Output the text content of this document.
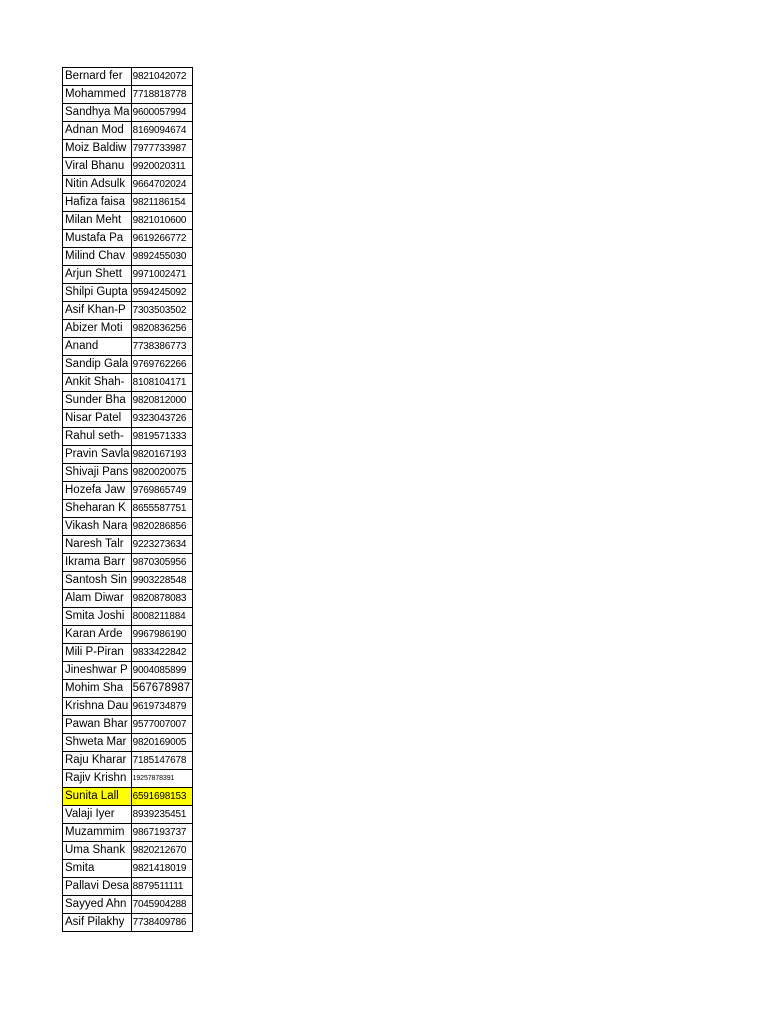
Bernard fer	9821042072
Mohammed	7718818778
Sandhya Ma	9600057994
Adnan Mod	8169094674
Moiz Baldiw	7977733987
Viral Bhanu	9920020311
Nitin Adsulk	9664702024
Hafiza faisa	9821186154
Milan Meht	9821010600
Mustafa Pa	9619266772
Milind Chav	9892455030
Arjun Shett	9971002471
Shilpi Gupta	9594245092
Asif Khan-P	7303503502
Abizer Moti	9820836256
Anand	7738386773
Sandip Gala	9769762266
Ankit Shah-	8108104171
Sunder Bha	9820812000
Nisar Patel	9323043726
Rahul seth-	9819571333
Pravin Savla	9820167193
Shivaji Pans	9820020075
Hozefa Jaw	9769865749
Sheharan K	8655587751
Vikash Nara	9820286856
Naresh Talr	9223273634
Ikrama Barr	9870305956
Santosh Sin	9903228548
Alam Diwar	9820878083
Smita Joshi	8008211884
Karan Arde	9967986190
Mili P-Piran	9833422842
Jineshwar P	9004085899
Mohim Sha	567678987
Krishna Dau	9619734879
Pawan Bhar	9577007007
Shweta Mar	9820169005
Raju Kharar	7185147678
Rajiv Krishn	19257878391
Sunita Lall	6591698153
Valaji Iyer	8939235451
Muzammim	9867193737
Uma Shank	9820212670
Smita	9821418019
Pallavi Desa	8879511111
Sayyed Ahn	7045904288
Asif Pilakhy	7738409786
